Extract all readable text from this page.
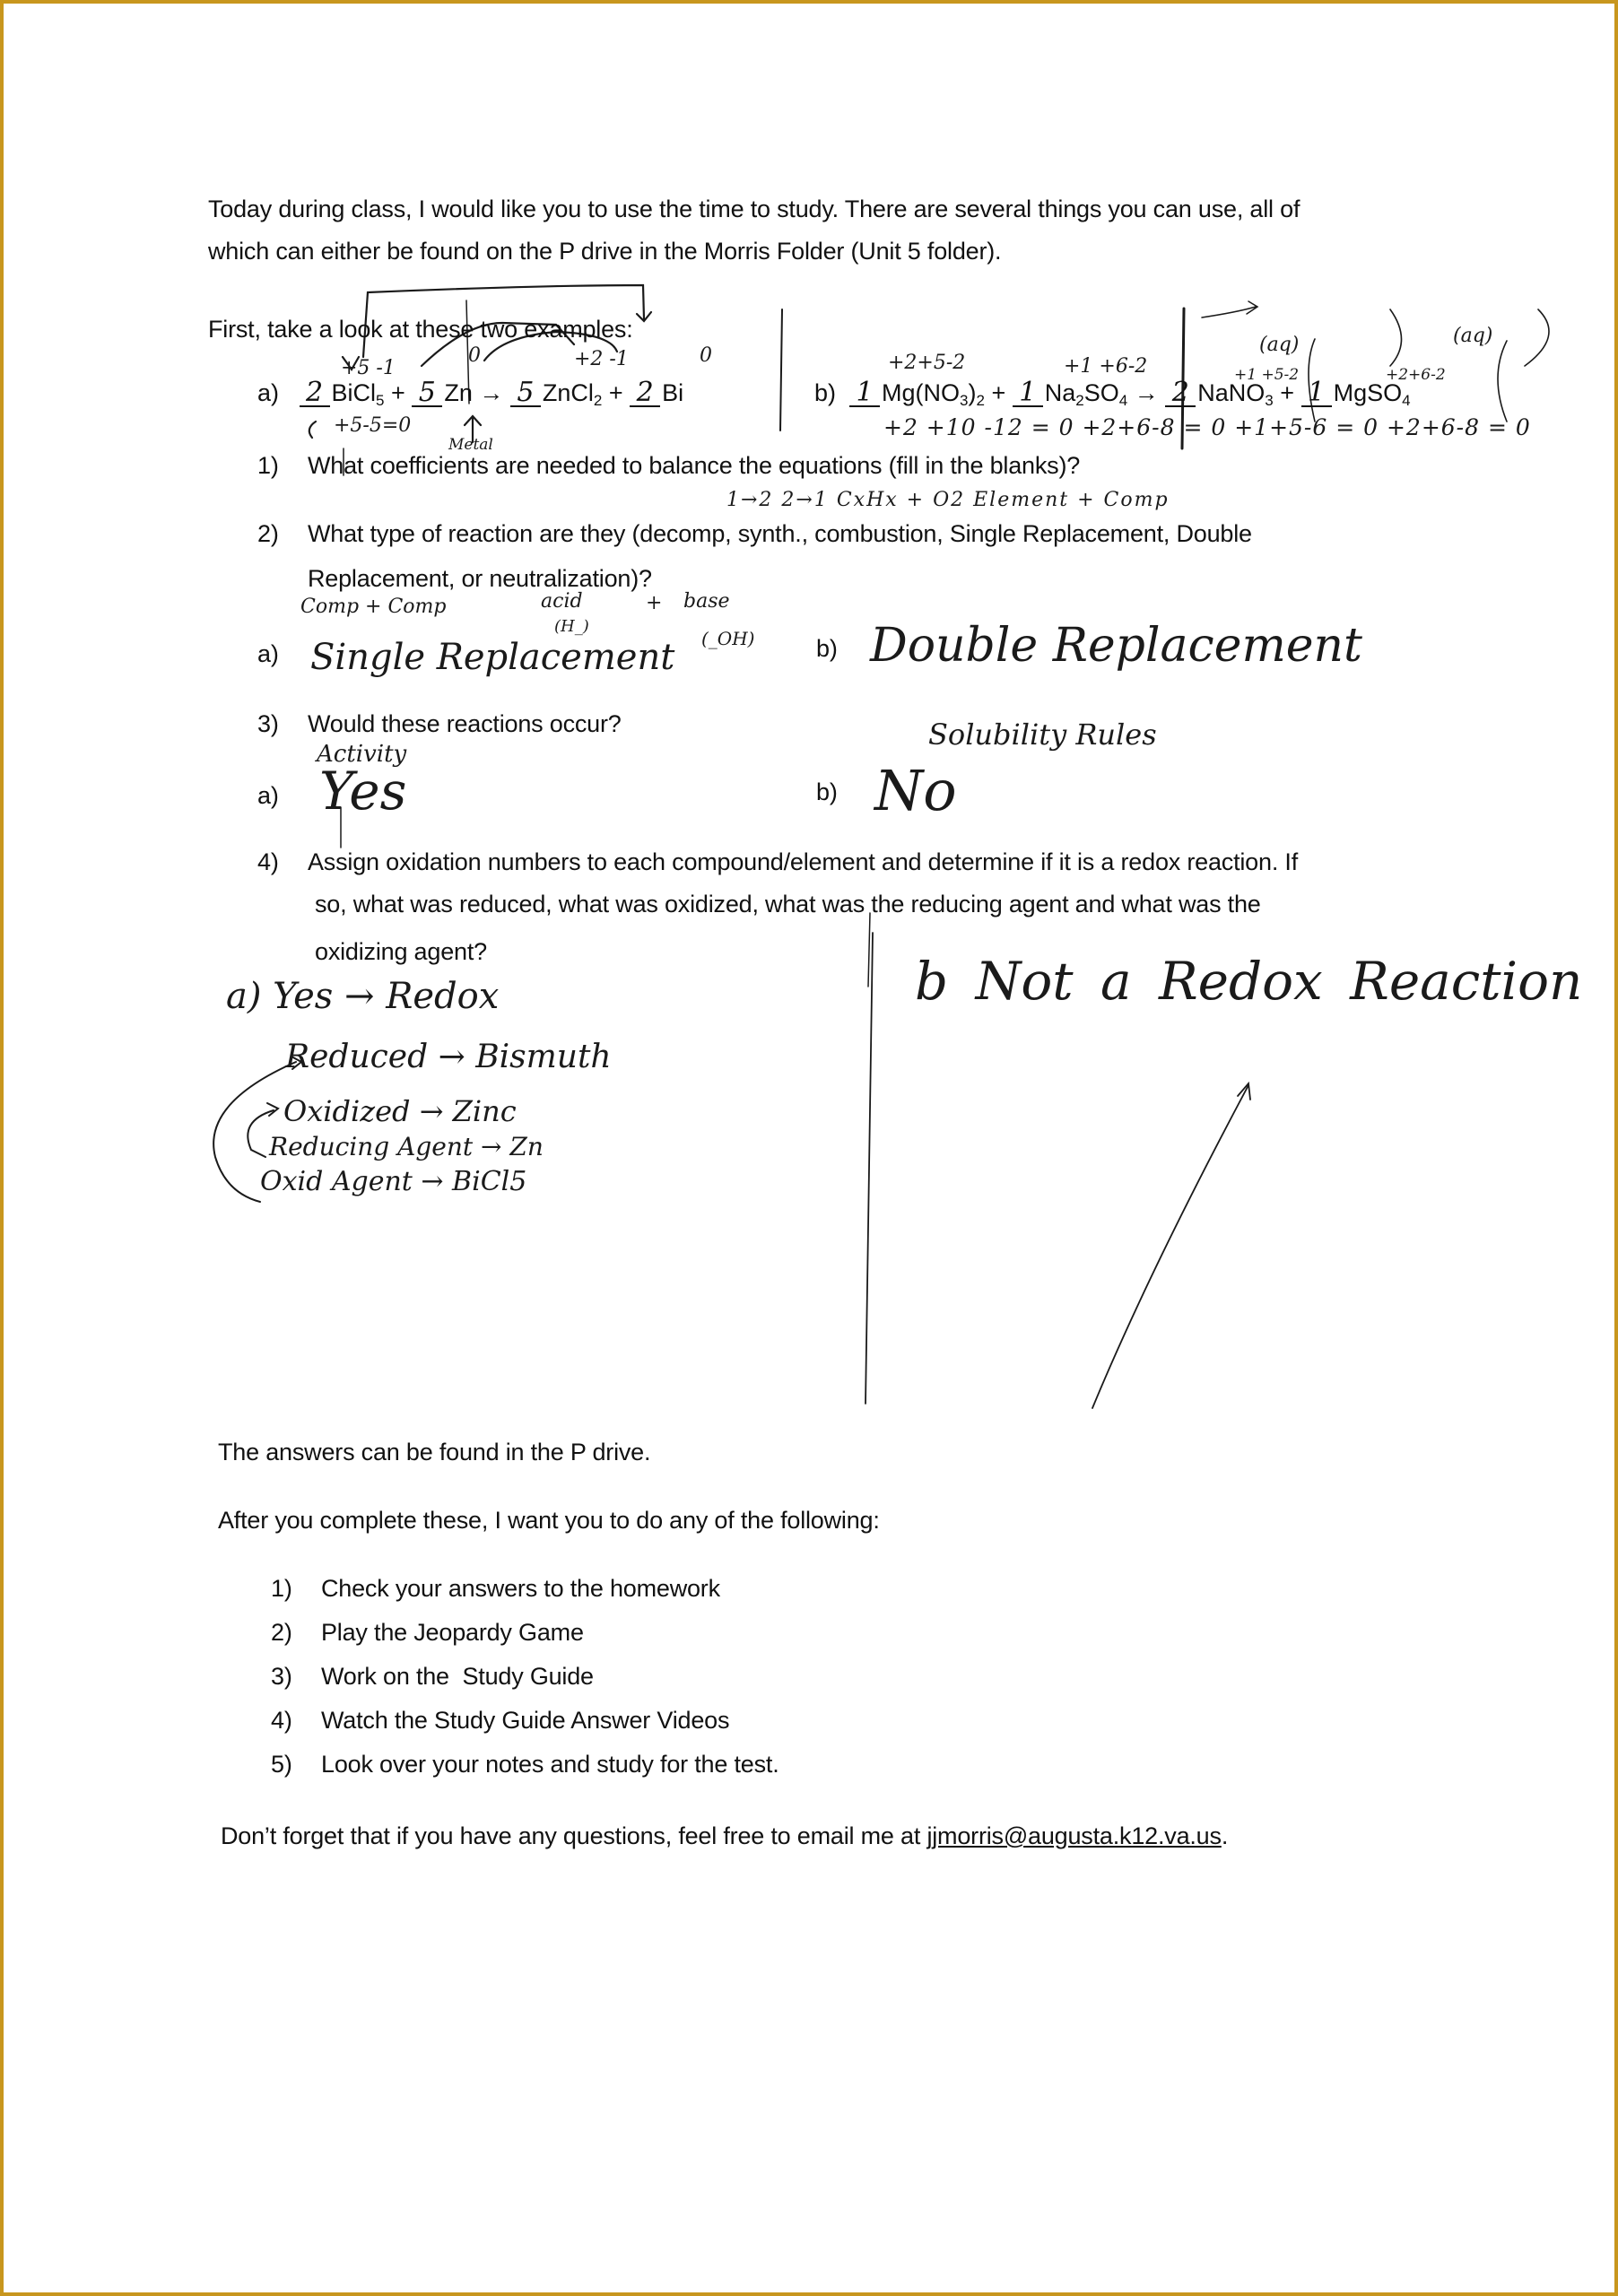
Today during class, I would like you to use the time to study. There are several things you can use, all of
which can either be found on the P drive in the Morris Folder (Unit 5 folder).
First, take a look at these two examples:
+5 -1
0	+2 -1	0
a) 2 BiCl$_5$ + 5 Zn → 5 ZnCl$_2$ + 2 Bi
+5-5=0
Metal
+2+5-2	+1 +6-2	+1 +5-2	+2+6-2
(aq)	(aq)
b) 1 $Mg(NO_3)_2 + 1$ $Na_2SO_4 \to 2$ NaNO$_3$ + 1 MgSO$_4$
+2 +10 -12 = 0 +2+6-8 = 0 +1+5-6 = 0 +2+6-8 = 0
1) What coefficients are needed to balance the equations (fill in the blanks)?
1→2 2→1 CxHx + O2 Element + Comp
2) What type of reaction are they (decomp, synth., combustion, Single Replacement, Double
Replacement, or neutralization)?
Comp + Comp	acid
(H_)
+ base
(_OH)
a) Single Replacement	b) Double Replacement
3) Would these reactions occur?
Activity
a) Yes
Solubility Rules
b) No
4) Assign oxidation numbers to each compound/element and determine if it is a redox reaction. If
so, what was reduced, what was oxidized, what was the reducing agent and what was the
oxidizing agent?
a) Yes → Redox
Reduced → Bismuth
Oxidized → Zinc
Reducing Agent → Zn
Oxid Agent → BiCl5
b Not a Redox Reaction
The answers can be found in the P drive.
After you complete these, I want you to do any of the following:
1) Check your answers to the homework
2) Play the Jeopardy Game
3) Work on the  Study Guide
4) Watch the Study Guide Answer Videos
5) Look over your notes and study for the test.
Don’t forget that if you have any questions, feel free to email me at jjmorris@augusta.k12.va.us.
